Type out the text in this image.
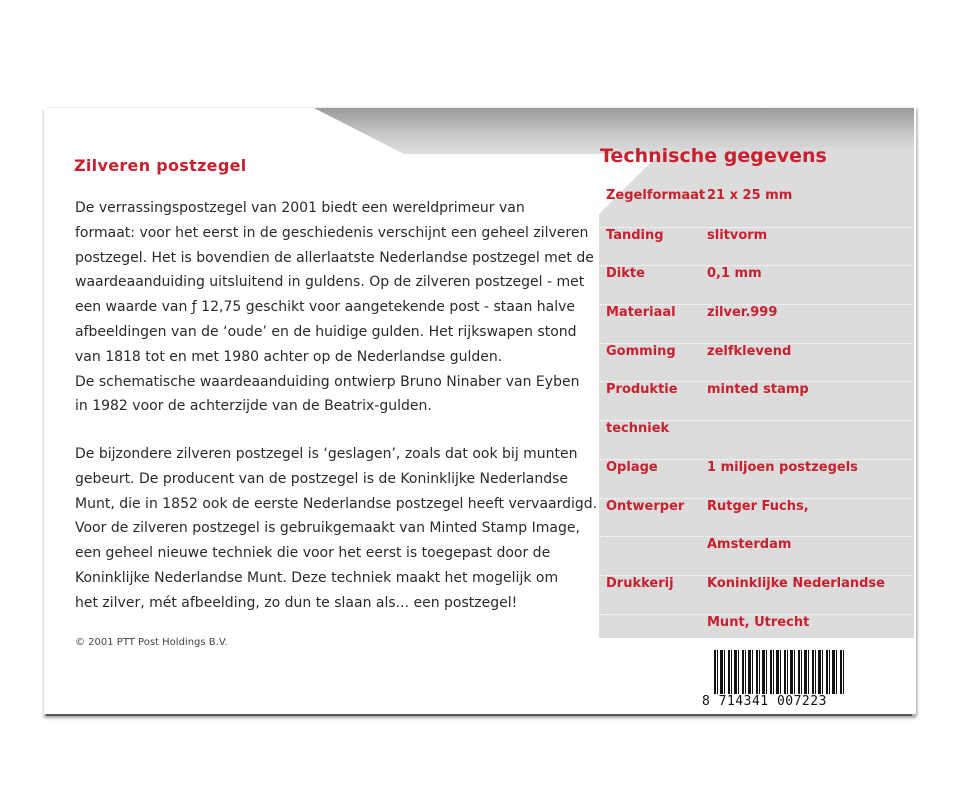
Zilveren postzegel
De verrassingspostzegel van 2001 biedt een wereldprimeur van
formaat: voor het eerst in de geschiedenis verschijnt een geheel zilveren
postzegel. Het is bovendien de allerlaatste Nederlandse postzegel met de
waardeaanduiding uitsluitend in guldens. Op de zilveren postzegel - met
een waarde van ƒ 12,75 geschikt voor aangetekende post - staan halve
afbeeldingen van de ‘oude’ en de huidige gulden. Het rijkswapen stond
van 1818 tot en met 1980 achter op de Nederlandse gulden.
De schematische waardeaanduiding ontwierp Bruno Ninaber van Eyben
in 1982 voor de achterzijde van de Beatrix-gulden.
De bijzondere zilveren postzegel is ‘geslagen’, zoals dat ook bij munten
gebeurt. De producent van de postzegel is de Koninklijke Nederlandse
Munt, die in 1852 ook de eerste Nederlandse postzegel heeft vervaardigd.
Voor de zilveren postzegel is gebruikgemaakt van Minted Stamp Image,
een geheel nieuwe techniek die voor het eerst is toegepast door de
Koninklijke Nederlandse Munt. Deze techniek maakt het mogelijk om
het zilver, mét afbeelding, zo dun te slaan als... een postzegel!
© 2001 PTT Post Holdings B.V.
Technische gegevens
Zegelformaat 21 x 25 mm
Tanding	slitvorm
Dikte	0,1 mm
Materiaal zilver.999
Gomming zelfklevend
Produktie minted stamp
techniek
Oplage	1 miljoen postzegels
Ontwerper Rutger Fuchs,
Amsterdam
Drukkerij	Koninklijke Nederlandse
Munt, Utrecht
8 714341 007223
